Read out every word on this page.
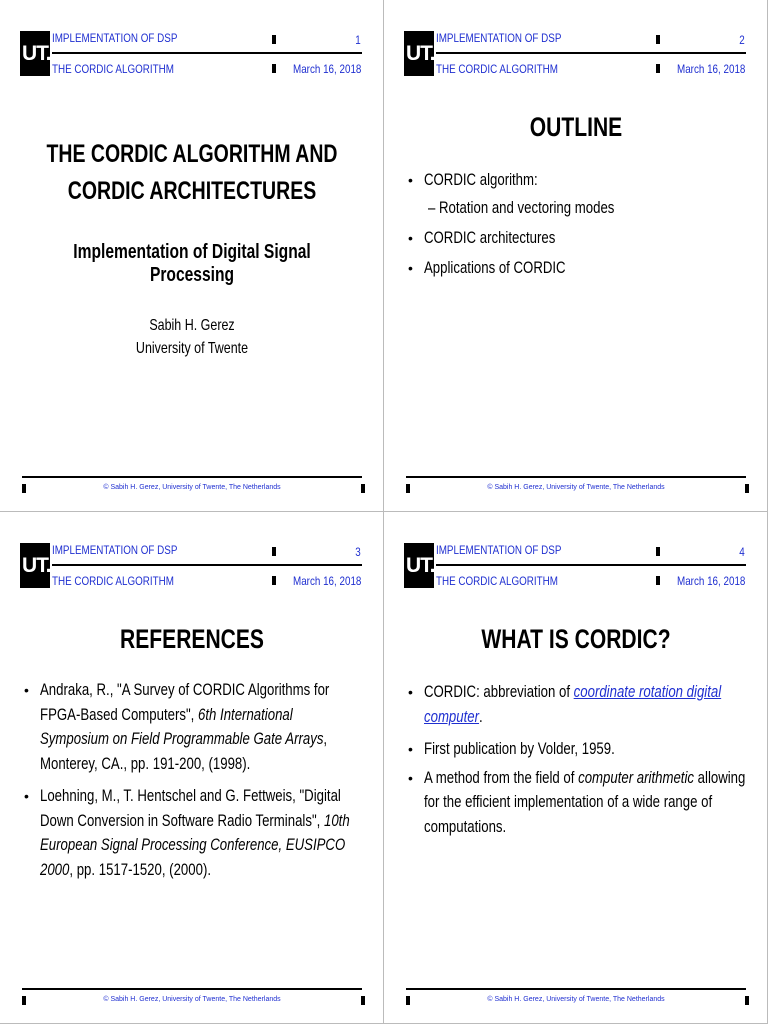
UT.
IMPLEMENTATION OF DSP	1
THE CORDIC ALGORITHM	March 16, 2018
THE CORDIC ALGORITHM AND
CORDIC ARCHITECTURES
Implementation of Digital Signal Processing
Sabih H. Gerez
University of Twente
© Sabih H. Gerez, University of Twente, The Netherlands
UT.
IMPLEMENTATION OF DSP	2
THE CORDIC ALGORITHM	March 16, 2018
OUTLINE
• CORDIC algorithm:
– Rotation and vectoring modes
• CORDIC architectures
• Applications of CORDIC
© Sabih H. Gerez, University of Twente, The Netherlands
UT.
IMPLEMENTATION OF DSP	3
THE CORDIC ALGORITHM	March 16, 2018
REFERENCES
• Andraka, R., "A Survey of CORDIC Algorithms for FPGA-Based Computers", 6th International Symposium on Field Programmable Gate Arrays, Monterey, CA., pp. 191-200, (1998).
• Loehning, M., T. Hentschel and G. Fettweis, "Digital Down Conversion in Software Radio Terminals", 10th European Signal Processing Conference, EUSIPCO 2000, pp. 1517-1520, (2000).
© Sabih H. Gerez, University of Twente, The Netherlands
UT.
IMPLEMENTATION OF DSP	4
THE CORDIC ALGORITHM	March 16, 2018
WHAT IS CORDIC?
• CORDIC: abbreviation of coordinate rotation digital computer.
• First publication by Volder, 1959.
• A method from the field of computer arithmetic allowing for the efficient implementation of a wide range of computations.
© Sabih H. Gerez, University of Twente, The Netherlands
